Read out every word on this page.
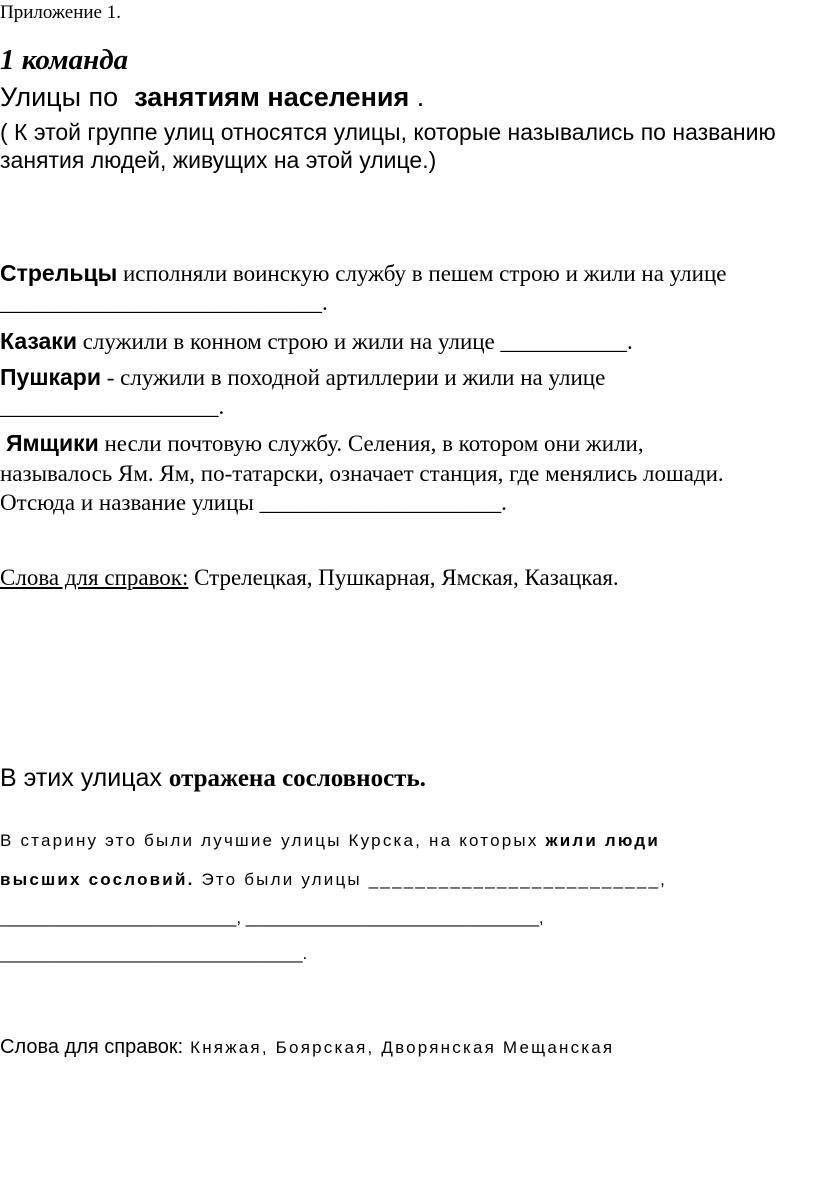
Приложение 1.
1 команда
Улицы по занятиям населения .
( К этой группе улиц относятся улицы, которые назывались по названию
занятия людей, живущих на этой улице.)
Стрельцы исполняли воинскую службу в пешем строю и жили на улице
____________________________.
Казаки служили в конном строю и жили на улице ___________.
Пушкари - служили в походной артиллерии и жили на улице
___________________.
Ямщики несли почтовую службу. Селения, в котором они жили,
называлось Ям. Ям, по-татарски, означает станция, где менялись лошади.
Отсюда и название улицы _____________________.
Слова для справок: Стрелецкая, Пушкарная, Ямская, Казацкая.
В этих улицах отражена сословность.
В старину это были лучшие улицы Курска, на которых жили люди
высших сословий. Это были улицы _________________________,
_________________________, _______________________________,
________________________________.
Слова для справок: Княжая, Боярская, Дворянская Мещанская
